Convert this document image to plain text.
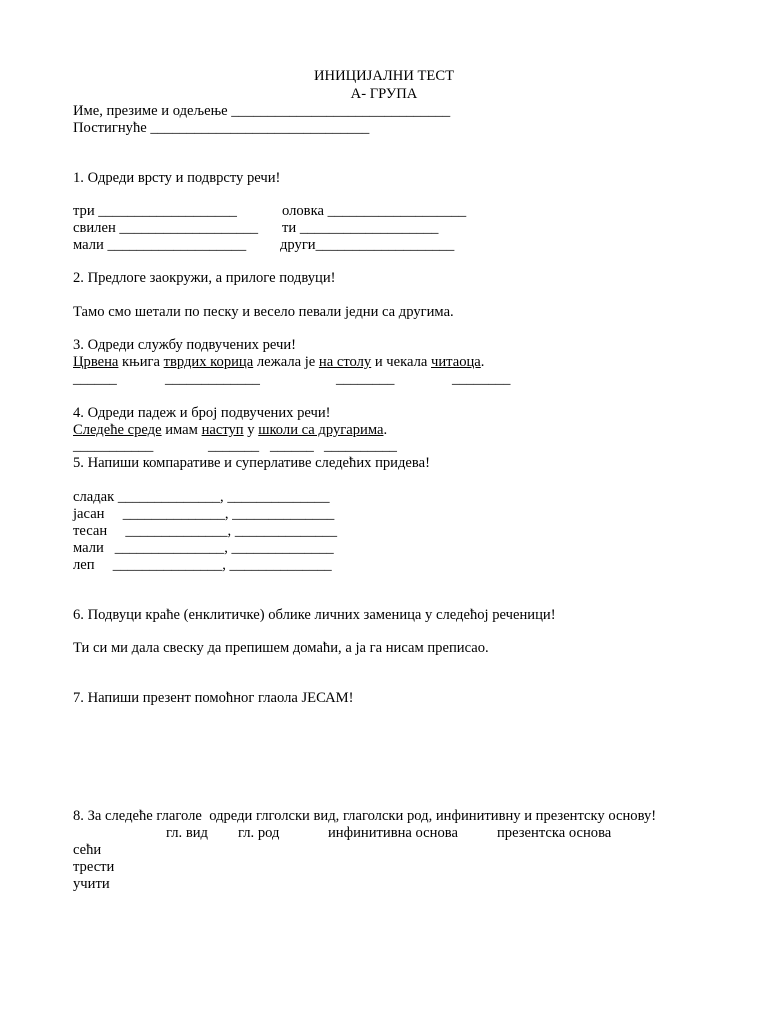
ИНИЦИЈАЛНИ ТЕСТ
А- ГРУПА
Име, презиме и одељење ______________________________
Постигнуће ______________________________
1. Одреди врсту и подврсту речи!
три ___________________	оловка ___________________
свилен ___________________ ти ___________________
мали ___________________ други___________________
2. Предлоге заокружи, а прилоге подвуци!
Тамо смо шетали по песку и весело певали једни са другима.
3. Одреди службу подвучених речи!
Црвена књига тврдих корица лежала је на столу и чекала читаоца.
______	_____________	________	________
4. Одреди падеж и број подвучених речи!
Следеће среде имам наступ у школи са другарима.
___________	_______ ______ __________
5. Напиши компаративе и суперлативе следећих придева!
сладак ______________, ______________
јасан     ______________, ______________
тесан     ______________, ______________
мали   _______________, ______________
леп     _______________, ______________
6. Подвуци краће (енклитичке) облике личних заменица у следећој реченици!
Ти си ми дала свеску да препишем домаћи, а ја га нисам преписао.
7. Напиши презент помоћног глаола ЈЕСАМ!
8. За следеће глаголе  одреди глголски вид, глаголски род, инфинитивну и презентску основу!
гл. вид гл. род	инфинитивна основа	презентска основа
сећи
трести
учити
